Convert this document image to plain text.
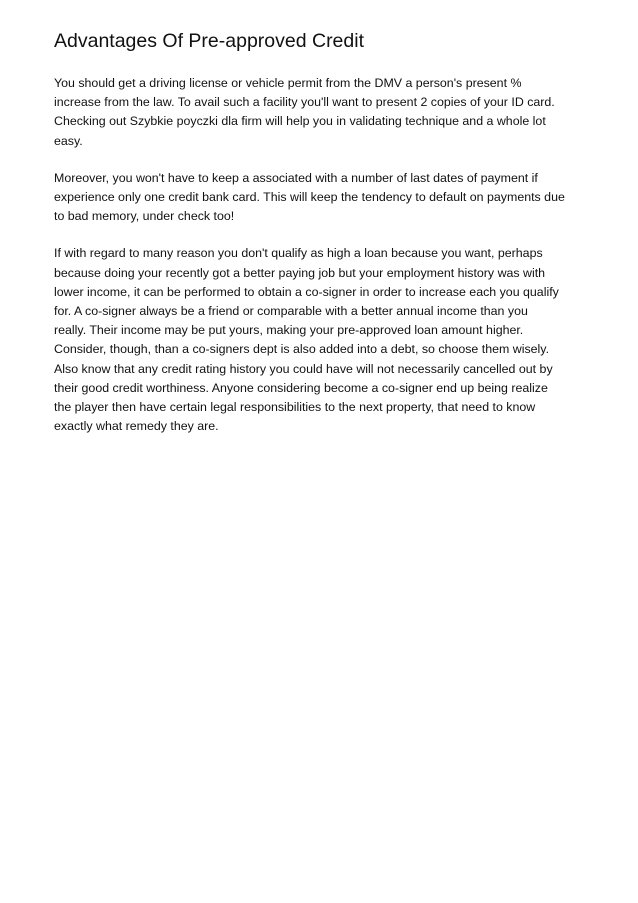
Advantages Of Pre-approved Credit

You should get a driving license or vehicle permit from the DMV a person's present %
increase from the law. To avail such a facility you'll want to present 2 copies of your ID card.
Checking out Szybkie poyczki dla firm will help you in validating technique and a whole lot
easy.

Moreover, you won't have to keep a associated with a number of last dates of payment if
experience only one credit bank card. This will keep the tendency to default on payments due
to bad memory, under check too!

If with regard to many reason you don't qualify as high a loan because you want, perhaps
because doing your recently got a better paying job but your employment history was with
lower income, it can be performed to obtain a co-signer in order to increase each you qualify
for. A co-signer always be a friend or comparable with a better annual income than you
really. Their income may be put yours, making your pre-approved loan amount higher.
Consider, though, than a co-signers dept is also added into a debt, so choose them wisely.
Also know that any credit rating history you could have will not necessarily cancelled out by
their good credit worthiness. Anyone considering become a co-signer end up being realize
the player then have certain legal responsibilities to the next property, that need to know
exactly what remedy they are.
